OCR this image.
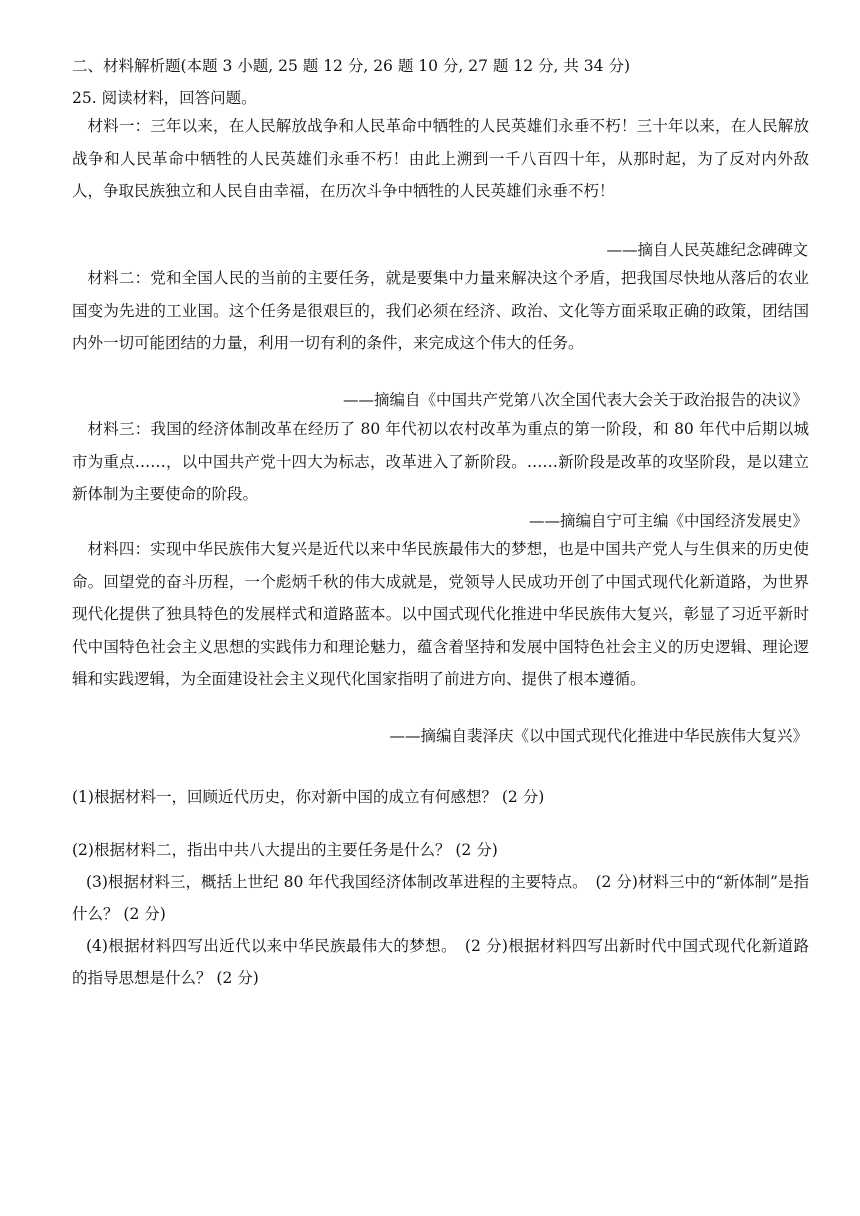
二、材料解析题(本题 3 小题, 25 题 12 分, 26 题 10 分, 27 题 12 分, 共 34 分)

25. 阅读材料，回答问题。

材料一：三年以来，在人民解放战争和人民革命中牺牲的人民英雄们永垂不朽！三十年以来，在人民解放战争和人民革命中牺牲的人民英雄们永垂不朽！由此上溯到一千八百四十年，从那时起，为了反对内外敌人，争取民族独立和人民自由幸福，在历次斗争中牺牲的人民英雄们永垂不朽！

——摘自人民英雄纪念碑碑文

材料二：党和全国人民的当前的主要任务，就是要集中力量来解决这个矛盾，把我国尽快地从落后的农业国变为先进的工业国。这个任务是很艰巨的，我们必须在经济、政治、文化等方面采取正确的政策，团结国内外一切可能团结的力量，利用一切有利的条件，来完成这个伟大的任务。

——摘编自《中国共产党第八次全国代表大会关于政治报告的决议》

材料三：我国的经济体制改革在经历了 80 年代初以农村改革为重点的第一阶段，和 80 年代中后期以城市为重点……，以中国共产党十四大为标志，改革进入了新阶段。……新阶段是改革的攻坚阶段，是以建立新体制为主要使命的阶段。

——摘编自宁可主编《中国经济发展史》

材料四：实现中华民族伟大复兴是近代以来中华民族最伟大的梦想，也是中国共产党人与生俱来的历史使命。回望党的奋斗历程，一个彪炳千秋的伟大成就是，党领导人民成功开创了中国式现代化新道路，为世界现代化提供了独具特色的发展样式和道路蓝本。以中国式现代化推进中华民族伟大复兴，彰显了习近平新时代中国特色社会主义思想的实践伟力和理论魅力，蕴含着坚持和发展中国特色社会主义的历史逻辑、理论逻辑和实践逻辑，为全面建设社会主义现代化国家指明了前进方向、提供了根本遵循。

——摘编自裴泽庆《以中国式现代化推进中华民族伟大复兴》

(1)根据材料一，回顾近代历史，你对新中国的成立有何感想？ (2 分)

(2)根据材料二，指出中共八大提出的主要任务是什么？ (2 分)

(3)根据材料三，概括上世纪 80 年代我国经济体制改革进程的主要特点。　(2 分)材料三中的“新体制”是指什么？ (2 分)

(4)根据材料四写出近代以来中华民族最伟大的梦想。　(2 分)根据材料四写出新时代中国式现代化新道路的指导思想是什么？ (2 分)
